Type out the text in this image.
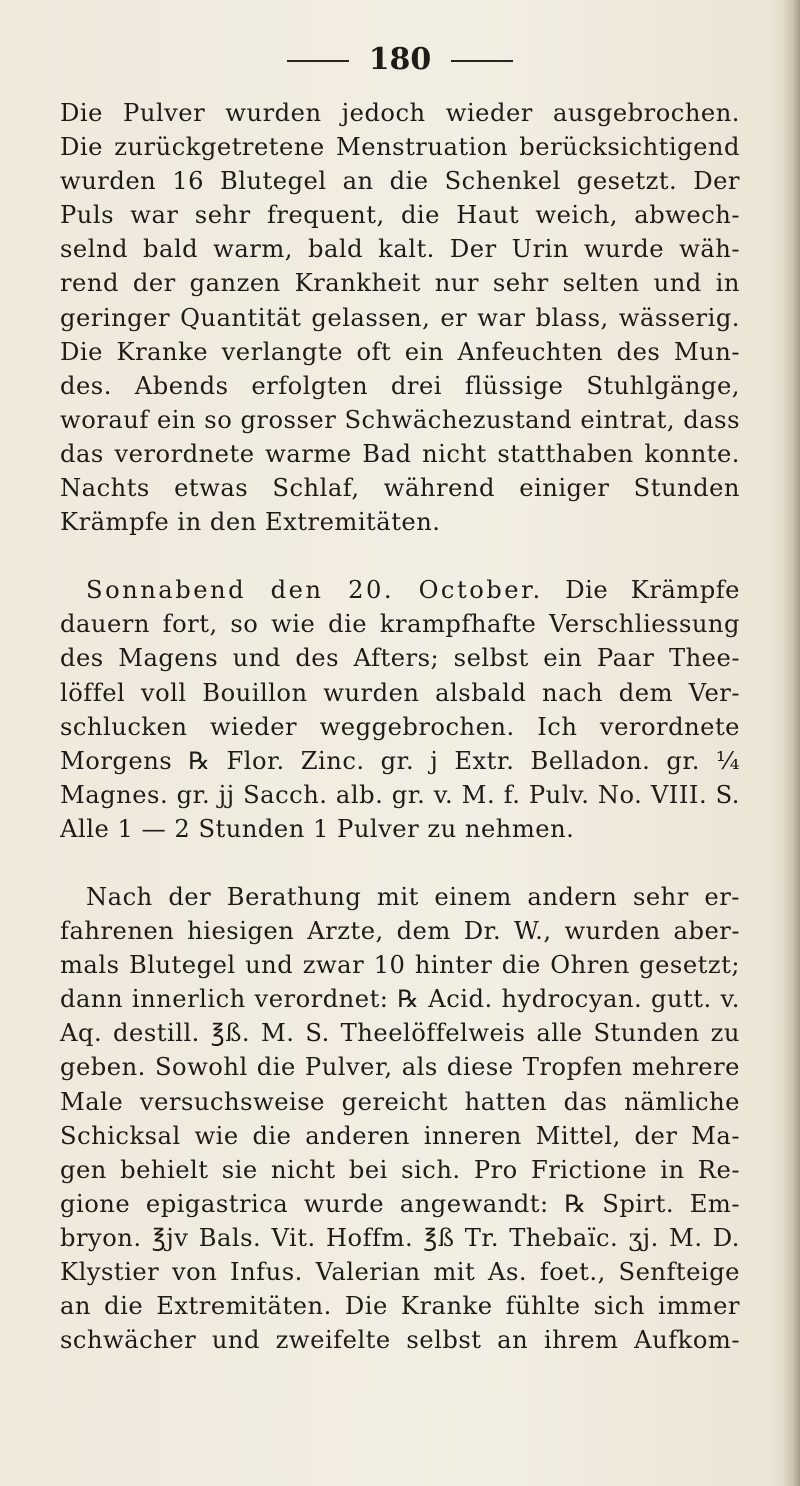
180
Die Pulver wurden jedoch wieder ausgebrochen.
Die zurückgetretene Menstruation berücksichtigend
wurden 16 Blutegel an die Schenkel gesetzt. Der
Puls war sehr frequent, die Haut weich, abwech-
selnd bald warm, bald kalt. Der Urin wurde wäh-
rend der ganzen Krankheit nur sehr selten und in
geringer Quantität gelassen, er war blass, wässerig.
Die Kranke verlangte oft ein Anfeuchten des Mun-
des. Abends erfolgten drei flüssige Stuhlgänge,
worauf ein so grosser Schwächezustand eintrat, dass
das verordnete warme Bad nicht statthaben konnte.
Nachts etwas Schlaf, während einiger Stunden
Krämpfe in den Extremitäten.
Sonnabend den 20. October. Die Krämpfe
dauern fort, so wie die krampfhafte Verschliessung
des Magens und des Afters; selbst ein Paar Thee-
löffel voll Bouillon wurden alsbald nach dem Ver-
schlucken wieder weggebrochen. Ich verordnete
Morgens ℞ Flor. Zinc. gr. j Extr. Belladon. gr. ¼
Magnes. gr. jj Sacch. alb. gr. v. M. f. Pulv. No. VIII. S.
Alle 1 — 2 Stunden 1 Pulver zu nehmen.
Nach der Berathung mit einem andern sehr er-
fahrenen hiesigen Arzte, dem Dr. W., wurden aber-
mals Blutegel und zwar 10 hinter die Ohren gesetzt;
dann innerlich verordnet: ℞ Acid. hydrocyan. gutt. v.
Aq. destill. ℥ß. M. S. Theelöffelweis alle Stunden zu
geben. Sowohl die Pulver, als diese Tropfen mehrere
Male versuchsweise gereicht hatten das nämliche
Schicksal wie die anderen inneren Mittel, der Ma-
gen behielt sie nicht bei sich. Pro Frictione in Re-
gione epigastrica wurde angewandt: ℞ Spirt. Em-
bryon. ℥jv Bals. Vit. Hoffm. ℥ß Tr. Thebaïc. ʒj. M. D.
Klystier von Infus. Valerian mit As. foet., Senfteige
an die Extremitäten. Die Kranke fühlte sich immer
schwächer und zweifelte selbst an ihrem Aufkom-
